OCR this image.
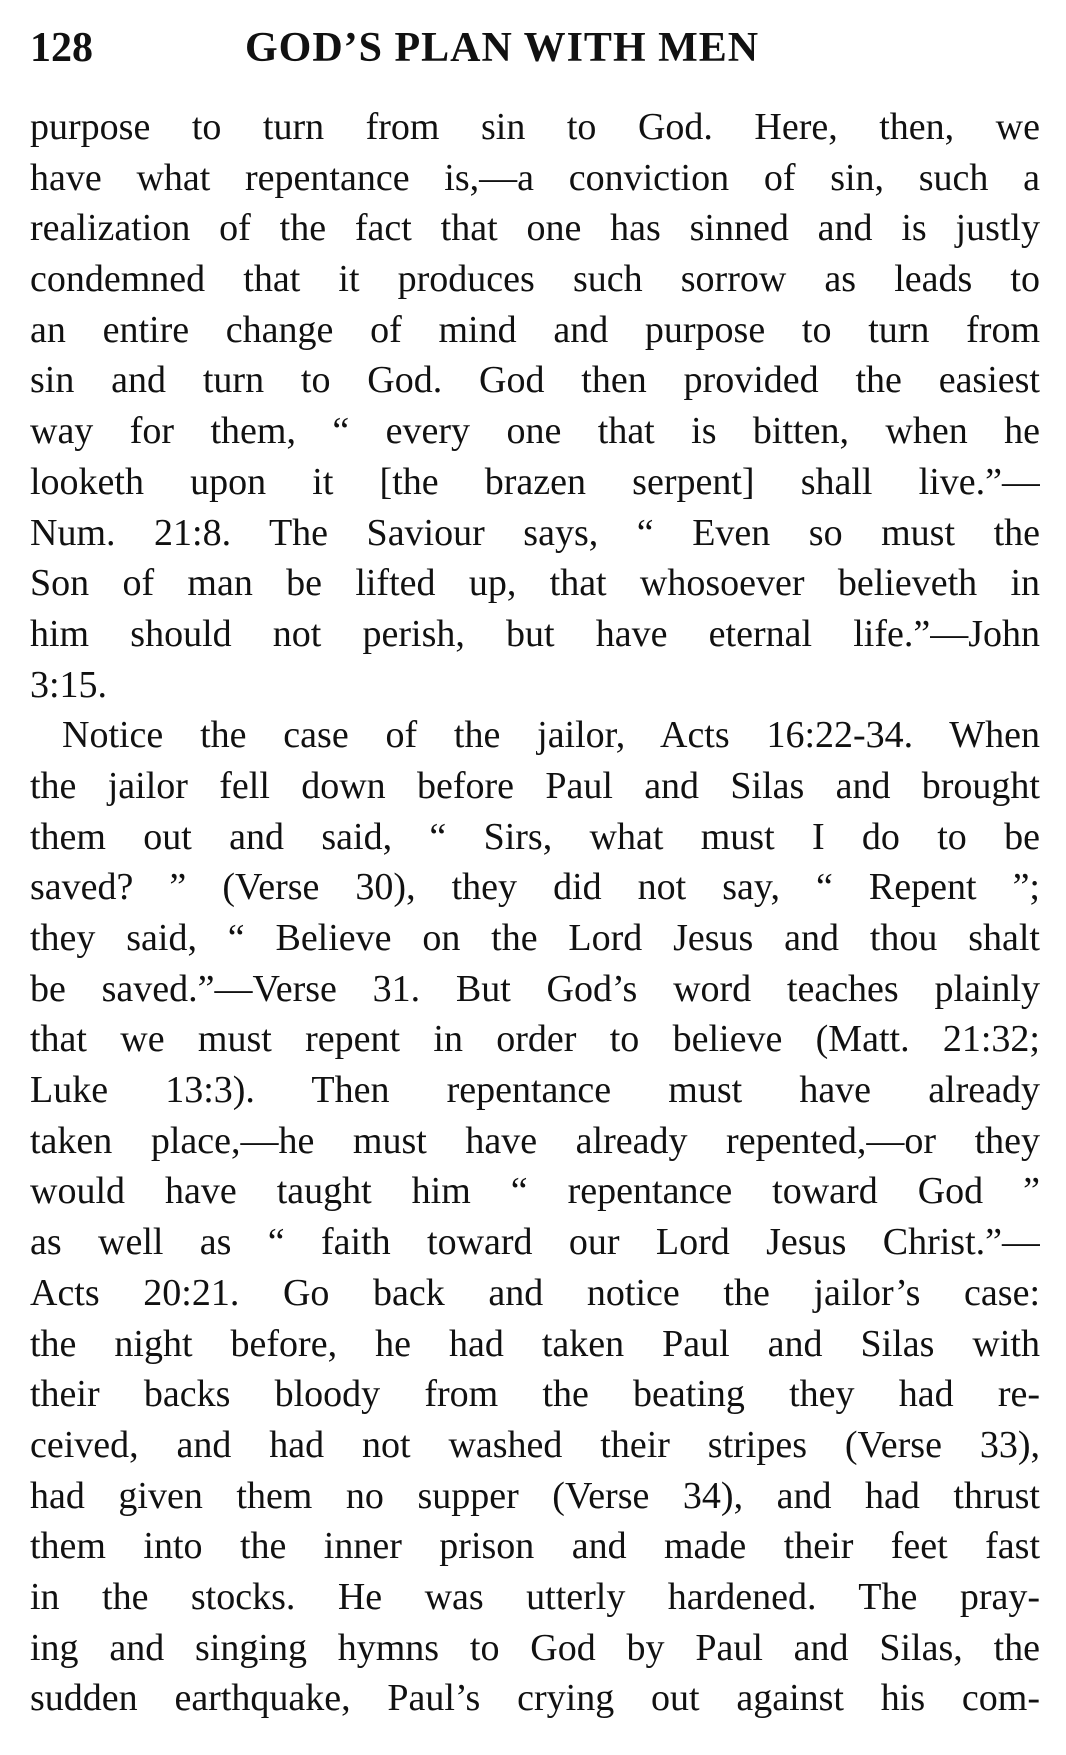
128	GOD’S PLAN WITH MEN
purpose to turn from sin to God. Here, then, we
have what repentance is,—a conviction of sin, such a
realization of the fact that one has sinned and is justly
condemned that it produces such sorrow as leads to
an entire change of mind and purpose to turn from
sin and turn to God. God then provided the easiest
way for them, “ every one that is bitten, when he
looketh upon it [the brazen serpent] shall live.”—
Num. 21:8. The Saviour says, “ Even so must the
Son of man be lifted up, that whosoever believeth in
him should not perish, but have eternal life.”—John
3:15.
Notice the case of the jailor, Acts 16:22-34. When
the jailor fell down before Paul and Silas and brought
them out and said, “ Sirs, what must I do to be
saved? ” (Verse 30), they did not say, “ Repent ”;
they said, “ Believe on the Lord Jesus and thou shalt
be saved.”—Verse 31. But God’s word teaches plainly
that we must repent in order to believe (Matt. 21:32;
Luke 13:3). Then repentance must have already
taken place,—he must have already repented,—or they
would have taught him “ repentance toward God ”
as well as “ faith toward our Lord Jesus Christ.”—
Acts 20:21. Go back and notice the jailor’s case:
the night before, he had taken Paul and Silas with
their backs bloody from the beating they had re-
ceived, and had not washed their stripes (Verse 33),
had given them no supper (Verse 34), and had thrust
them into the inner prison and made their feet fast
in the stocks. He was utterly hardened. The pray-
ing and singing hymns to God by Paul and Silas, the
sudden earthquake, Paul’s crying out against his com-
